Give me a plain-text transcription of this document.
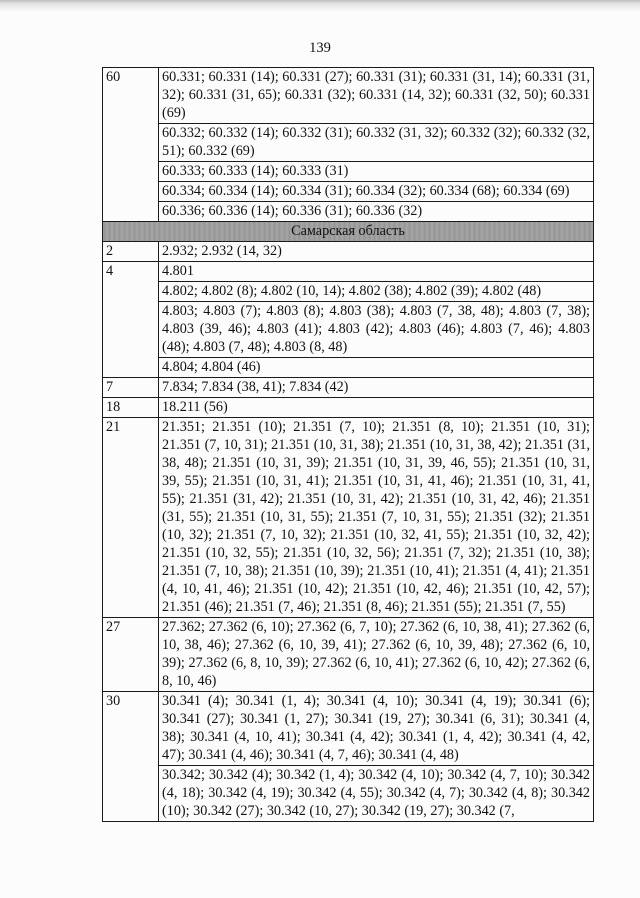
139
60	60.331; 60.331 (14); 60.331 (27); 60.331 (31); 60.331 (31, 14); 60.331 (31, 32); 60.331 (31, 65); 60.331 (32); 60.331 (14, 32); 60.331 (32, 50); 60.331 (69)
	60.332; 60.332 (14); 60.332 (31); 60.332 (31, 32); 60.332 (32); 60.332 (32, 51); 60.332 (69)
	60.333; 60.333 (14); 60.333 (31)
	60.334; 60.334 (14); 60.334 (31); 60.334 (32); 60.334 (68); 60.334 (69)
	60.336; 60.336 (14); 60.336 (31); 60.336 (32)
Самарская область	
2	2.932; 2.932 (14, 32)
4	4.801
	4.802; 4.802 (8); 4.802 (10, 14); 4.802 (38); 4.802 (39); 4.802 (48)
	4.803; 4.803 (7); 4.803 (8); 4.803 (38); 4.803 (7, 38, 48); 4.803 (7, 38); 4.803 (39, 46); 4.803 (41); 4.803 (42); 4.803 (46); 4.803 (7, 46); 4.803 (48); 4.803 (7, 48); 4.803 (8, 48)
	4.804; 4.804 (46)
7	7.834; 7.834 (38, 41); 7.834 (42)
18	18.211 (56)
21	21.351; 21.351 (10); 21.351 (7, 10); 21.351 (8, 10); 21.351 (10, 31); 21.351 (7, 10, 31); 21.351 (10, 31, 38); 21.351 (10, 31, 38, 42); 21.351 (31, 38, 48); 21.351 (10, 31, 39); 21.351 (10, 31, 39, 46, 55); 21.351 (10, 31, 39, 55); 21.351 (10, 31, 41); 21.351 (10, 31, 41, 46); 21.351 (10, 31, 41, 55); 21.351 (31, 42); 21.351 (10, 31, 42); 21.351 (10, 31, 42, 46); 21.351 (31, 55); 21.351 (10, 31, 55); 21.351 (7, 10, 31, 55); 21.351 (32); 21.351 (10, 32); 21.351 (7, 10, 32); 21.351 (10, 32, 41, 55); 21.351 (10, 32, 42); 21.351 (10, 32, 55); 21.351 (10, 32, 56); 21.351 (7, 32); 21.351 (10, 38); 21.351 (7, 10, 38); 21.351 (10, 39); 21.351 (10, 41); 21.351 (4, 41); 21.351 (4, 10, 41, 46); 21.351 (10, 42); 21.351 (10, 42, 46); 21.351 (10, 42, 57); 21.351 (46); 21.351 (7, 46); 21.351 (8, 46); 21.351 (55); 21.351 (7, 55)
27	27.362; 27.362 (6, 10); 27.362 (6, 7, 10); 27.362 (6, 10, 38, 41); 27.362 (6, 10, 38, 46); 27.362 (6, 10, 39, 41); 27.362 (6, 10, 39, 48); 27.362 (6, 10, 39); 27.362 (6, 8, 10, 39); 27.362 (6, 10, 41); 27.362 (6, 10, 42); 27.362 (6, 8, 10, 46)
30	30.341 (4); 30.341 (1, 4); 30.341 (4, 10); 30.341 (4, 19); 30.341 (6); 30.341 (27); 30.341 (1, 27); 30.341 (19, 27); 30.341 (6, 31); 30.341 (4, 38); 30.341 (4, 10, 41); 30.341 (4, 42); 30.341 (1, 4, 42); 30.341 (4, 42, 47); 30.341 (4, 46); 30.341 (4, 7, 46); 30.341 (4, 48)
	30.342; 30.342 (4); 30.342 (1, 4); 30.342 (4, 10); 30.342 (4, 7, 10); 30.342 (4, 18); 30.342 (4, 19); 30.342 (4, 55); 30.342 (4, 7); 30.342 (4, 8); 30.342 (10); 30.342 (27); 30.342 (10, 27); 30.342 (19, 27); 30.342 (7,
